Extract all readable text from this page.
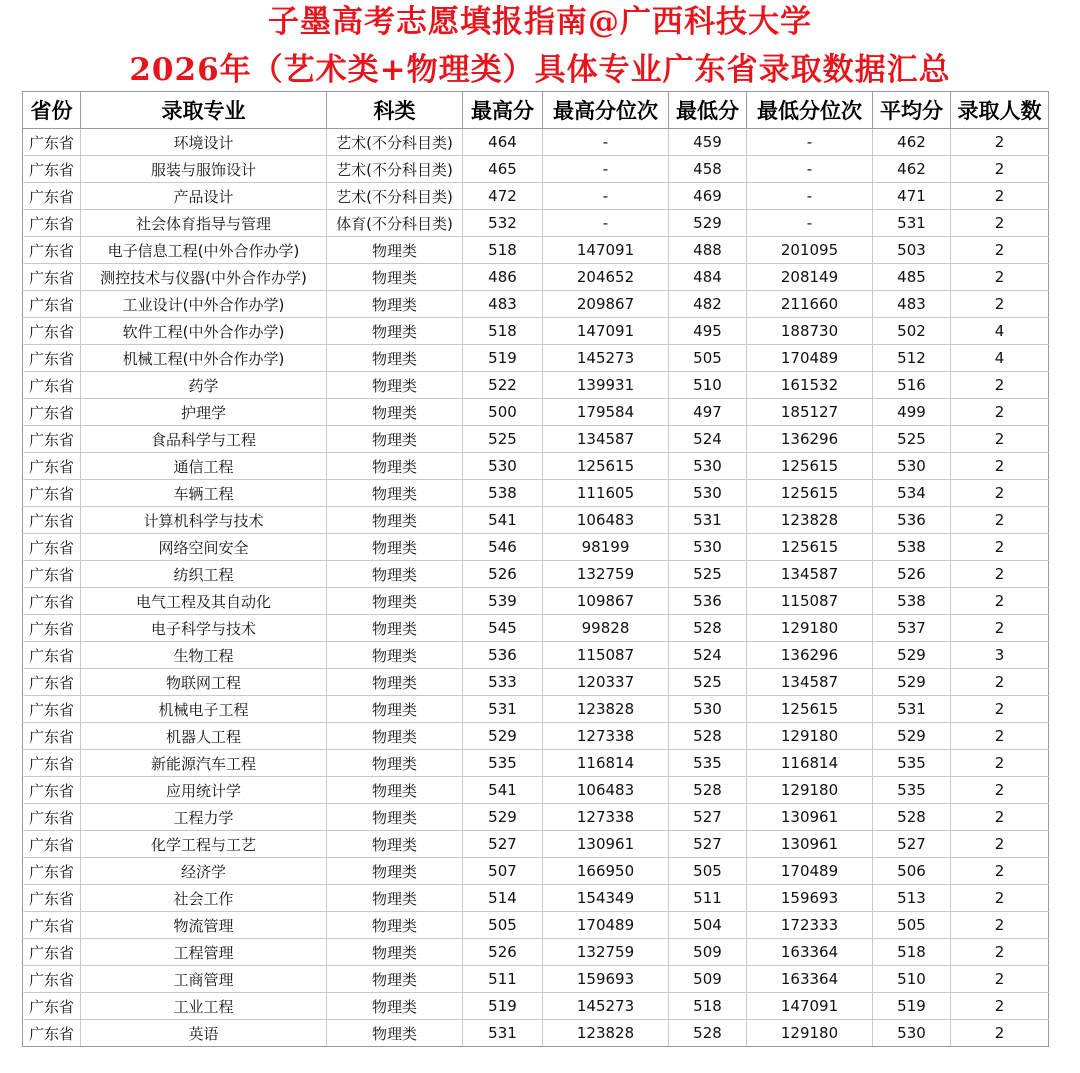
子墨高考志愿填报指南@广西科技大学
2026年（艺术类+物理类）具体专业广东省录取数据汇总
省份	录取专业	科类	最高分	最高分位次	最低分	最低分位次	平均分	录取人数
广东省	环境设计	艺术(不分科目类)	464	-	459	-	462	2
广东省	服装与服饰设计	艺术(不分科目类)	465	-	458	-	462	2
广东省	产品设计	艺术(不分科目类)	472	-	469	-	471	2
广东省	社会体育指导与管理	体育(不分科目类)	532	-	529	-	531	2
广东省	电子信息工程(中外合作办学)	物理类	518	147091	488	201095	503	2
广东省	测控技术与仪器(中外合作办学)	物理类	486	204652	484	208149	485	2
广东省	工业设计(中外合作办学)	物理类	483	209867	482	211660	483	2
广东省	软件工程(中外合作办学)	物理类	518	147091	495	188730	502	4
广东省	机械工程(中外合作办学)	物理类	519	145273	505	170489	512	4
广东省	药学	物理类	522	139931	510	161532	516	2
广东省	护理学	物理类	500	179584	497	185127	499	2
广东省	食品科学与工程	物理类	525	134587	524	136296	525	2
广东省	通信工程	物理类	530	125615	530	125615	530	2
广东省	车辆工程	物理类	538	111605	530	125615	534	2
广东省	计算机科学与技术	物理类	541	106483	531	123828	536	2
广东省	网络空间安全	物理类	546	98199	530	125615	538	2
广东省	纺织工程	物理类	526	132759	525	134587	526	2
广东省	电气工程及其自动化	物理类	539	109867	536	115087	538	2
广东省	电子科学与技术	物理类	545	99828	528	129180	537	2
广东省	生物工程	物理类	536	115087	524	136296	529	3
广东省	物联网工程	物理类	533	120337	525	134587	529	2
广东省	机械电子工程	物理类	531	123828	530	125615	531	2
广东省	机器人工程	物理类	529	127338	528	129180	529	2
广东省	新能源汽车工程	物理类	535	116814	535	116814	535	2
广东省	应用统计学	物理类	541	106483	528	129180	535	2
广东省	工程力学	物理类	529	127338	527	130961	528	2
广东省	化学工程与工艺	物理类	527	130961	527	130961	527	2
广东省	经济学	物理类	507	166950	505	170489	506	2
广东省	社会工作	物理类	514	154349	511	159693	513	2
广东省	物流管理	物理类	505	170489	504	172333	505	2
广东省	工程管理	物理类	526	132759	509	163364	518	2
广东省	工商管理	物理类	511	159693	509	163364	510	2
广东省	工业工程	物理类	519	145273	518	147091	519	2
广东省	英语	物理类	531	123828	528	129180	530	2
